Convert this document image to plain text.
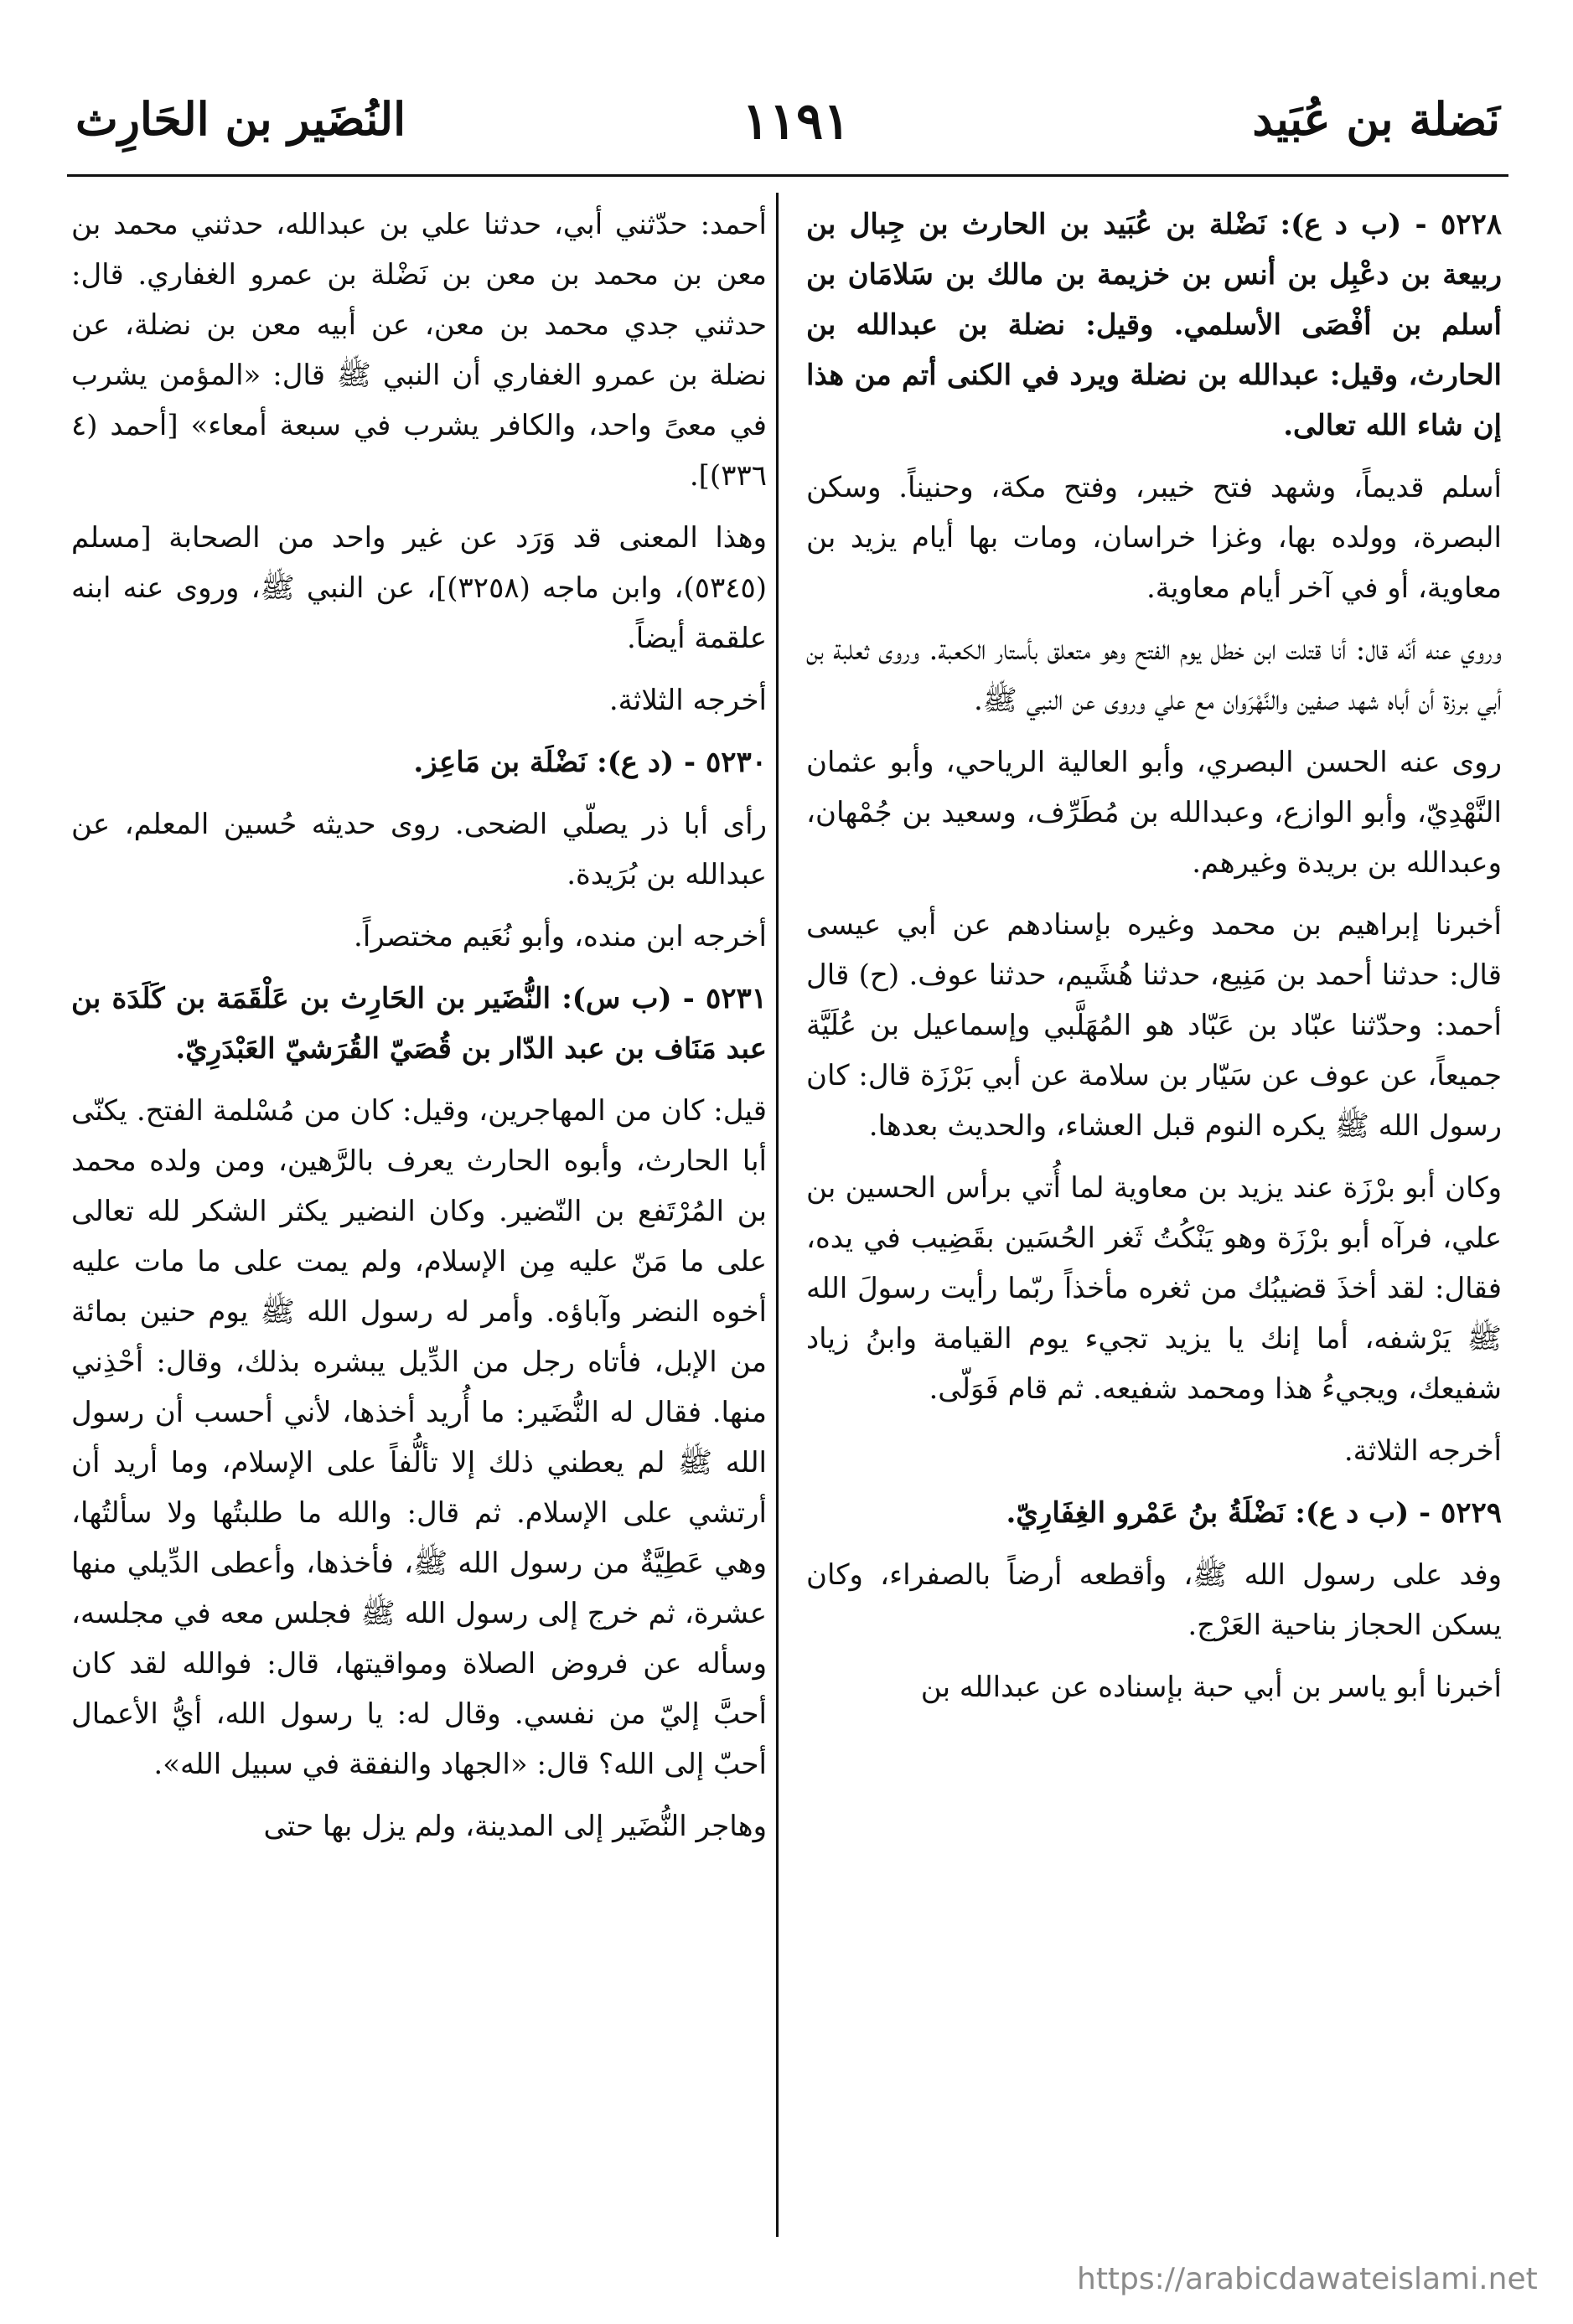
نَضلة بن عُبَيد
١١٩١
النُضَير بن الحَارِث

٥٢٢٨ - (ب د ع): نَضْلة بن عُبَيد بن الحارث بن جِبال بن ربيعة بن دعْبِل بن أنس بن خزيمة بن مالك بن سَلامَان بن أسلم بن أفْصَى الأسلمي. وقيل: نضلة بن عبدالله بن الحارث، وقيل: عبدالله بن نضلة ويرد في الكنى أتم من هذا إن شاء الله تعالى.

أسلم قديماً، وشهد فتح خيبر، وفتح مكة، وحنيناً. وسكن البصرة، وولده بها، وغزا خراسان، ومات بها أيام يزيد بن معاوية، أو في آخر أيام معاوية.

وروي عنه أنّه قال: أنا قتلت ابن خطل يوم الفتح وهو متعلق بأستار الكعبة. وروى ثعلبة بن أبي برزة أن أباه شهد صفين والنَّهْرَوان مع علي وروى عن النبي ﷺ.

روى عنه الحسن البصري، وأبو العالية الرياحي، وأبو عثمان النَّهْدِيّ، وأبو الوازع، وعبدالله بن مُطَرِّف، وسعيد بن جُمْهان، وعبدالله بن بريدة وغيرهم.

أخبرنا إبراهيم بن محمد وغيره بإسنادهم عن أبي عيسى قال: حدثنا أحمد بن مَنِيع، حدثنا هُشَيم، حدثنا عوف. (ح) قال أحمد: وحدّثنا عبّاد بن عَبّاد هو المُهَلَّبي وإسماعيل بن عُلَيَّة جميعاً، عن عوف عن سَيّار بن سلامة عن أبي بَرْزَة قال: كان رسول الله ﷺ يكره النوم قبل العشاء، والحديث بعدها.

وكان أبو برْزَة عند يزيد بن معاوية لما أُتي برأس الحسين بن علي، فرآه أبو برْزَة وهو يَنْكُتُ ثَغر الحُسَين بقَضِيب في يده، فقال: لقد أخذَ قضيبُك من ثغره مأخذاً ربّما رأيت رسولَ الله ﷺ يَرْشفه، أما إنك يا يزيد تجيء يوم القيامة وابنُ زياد شفيعك، ويجيءُ هذا ومحمد شفيعه. ثم قام فَوَلّى.

أخرجه الثلاثة.

٥٢٢٩ - (ب د ع): نَضْلَةُ بنُ عَمْرو الغِفَارِيّ.

وفد على رسول الله ﷺ، وأقطعه أرضاً بالصفراء، وكان يسكن الحجاز بناحية العَرْج.

أخبرنا أبو ياسر بن أبي حبة بإسناده عن عبدالله بن

أحمد: حدّثني أبي، حدثنا علي بن عبدالله، حدثني محمد بن معن بن محمد بن معن بن نَضْلة بن عمرو الغفاري. قال: حدثني جدي محمد بن معن، عن أبيه معن بن نضلة، عن نضلة بن عمرو الغفاري أن النبي ﷺ قال: «المؤمن يشرب في معىً واحد، والكافر يشرب في سبعة أمعاء» [أحمد (٤ ٣٣٦)].

وهذا المعنى قد وَرَد عن غير واحد من الصحابة [مسلم (٥٣٤٥)، وابن ماجه (٣٢٥٨)]، عن النبي ﷺ، وروى عنه ابنه علقمة أيضاً.

أخرجه الثلاثة.

٥٢٣٠ - (د ع): نَضْلَة بن مَاعِز.

رأى أبا ذر يصلّي الضحى. روى حديثه حُسين المعلم، عن عبدالله بن بُرَيدة.

أخرجه ابن منده، وأبو نُعَيم مختصراً.

٥٢٣١ - (ب س): النُّضَير بن الحَارِث بن عَلْقَمَة بن كَلَدَة بن عبد مَنَاف بن عبد الدّار بن قُصَيّ القُرَشيّ العَبْدَرِيّ.

قيل: كان من المهاجرين، وقيل: كان من مُسْلمة الفتح. يكنّى أبا الحارث، وأبوه الحارث يعرف بالرَّهين، ومن ولده محمد بن المُرْتَفع بن النّضير. وكان النضير يكثر الشكر لله تعالى على ما مَنّ عليه مِن الإسلام، ولم يمت على ما مات عليه أخوه النضر وآباؤه. وأمر له رسول الله ﷺ يوم حنين بمائة من الإبل، فأتاه رجل من الدِّيل يبشره بذلك، وقال: أحْذِني منها. فقال له النُّضَير: ما أُريد أخذها، لأني أحسب أن رسول الله ﷺ لم يعطني ذلك إلا تألُّفاً على الإسلام، وما أريد أن أرتشي على الإسلام. ثم قال: والله ما طلبتُها ولا سألتُها، وهي عَطِيَّةٌ من رسول الله ﷺ، فأخذها، وأعطى الدِّيلي منها عشرة، ثم خرج إلى رسول الله ﷺ فجلس معه في مجلسه، وسأله عن فروض الصلاة ومواقيتها، قال: فوالله لقد كان أحبَّ إليّ من نفسي. وقال له: يا رسول الله، أيُّ الأعمال أحبّ إلى الله؟ قال: «الجهاد والنفقة في سبيل الله».

وهاجر النُّضَير إلى المدينة، ولم يزل بها حتى

https://arabicdawateislami.net
